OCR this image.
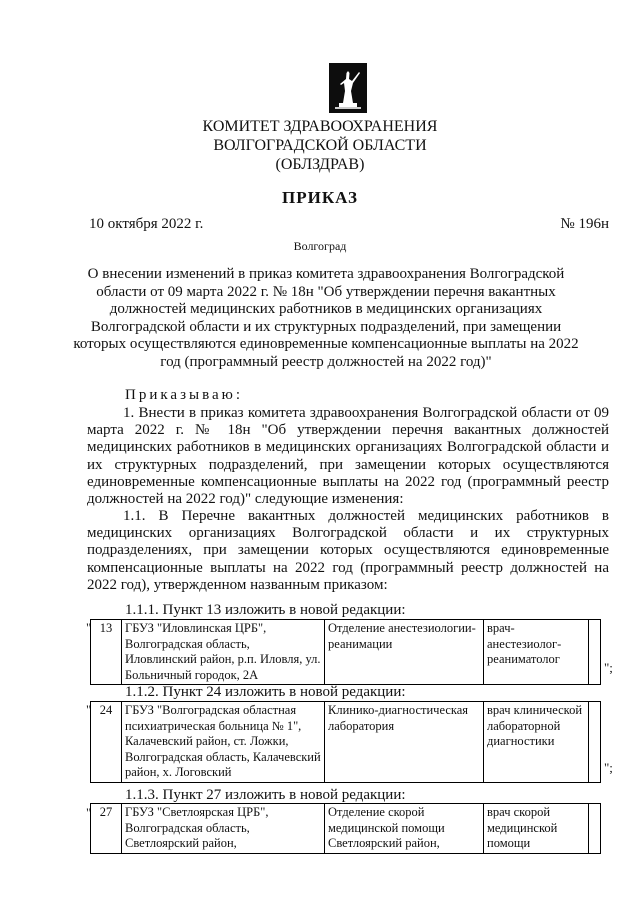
КОМИТЕТ ЗДРАВООХРАНЕНИЯ
ВОЛГОГРАДСКОЙ ОБЛАСТИ
(ОБЛЗДРАВ)
ПРИКАЗ
10 октября 2022 г.	№ 196н
Волгоград
О внесении изменений в приказ комитета здравоохранения Волгоградской области от 09 марта 2022 г. № 18н "Об утверждении перечня вакантных должностей медицинских работников в медицинских организациях Волгоградской области и их структурных подразделений, при замещении которых осуществляются единовременные компенсационные выплаты на 2022 год (программный реестр должностей на 2022 год)"
Приказываю:

1. Внести в приказ комитета здравоохранения Волгоградской области от 09 марта 2022 г. № 18н "Об утверждении перечня вакантных должностей медицинских работников в медицинских организациях Волгоградской области и их структурных подразделений, при замещении которых осуществляются единовременные компенсационные выплаты на 2022 год (программный реестр должностей на 2022 год)" следующие изменения:

1.1. В Перечне вакантных должностей медицинских работников в медицинских организациях Волгоградской области и их структурных подразделениях, при замещении которых осуществляются единовременные компенсационные выплаты на 2022 год (программный реестр должностей на 2022 год), утвержденном названным приказом:

1.1.1. Пункт 13 изложить в новой редакции:
" 13	ГБУЗ "Иловлинская ЦРБ", Волгоградская область, Иловлинский район, р.п. Иловля, ул. Больничный городок, 2А	Отделение анестезиологии-реанимации	врач-анестезиолог-реаниматолог	
";
1.1.2. Пункт 24 изложить в новой редакции:
" 24	ГБУЗ "Волгоградская областная психиатрическая больница № 1", Калачевский район, ст. Ложки, Волгоградская область, Калачевский район, х. Логовский	Клинико-диагностическая лаборатория	врач клинической лабораторной диагностики	
";
1.1.3. Пункт 27 изложить в новой редакции:
" 27	ГБУЗ "Светлоярская ЦРБ", Волгоградская область, Светлоярский район,	Отделение скорой медицинской помощи Светлоярский район,	врач скорой медицинской помощи	
